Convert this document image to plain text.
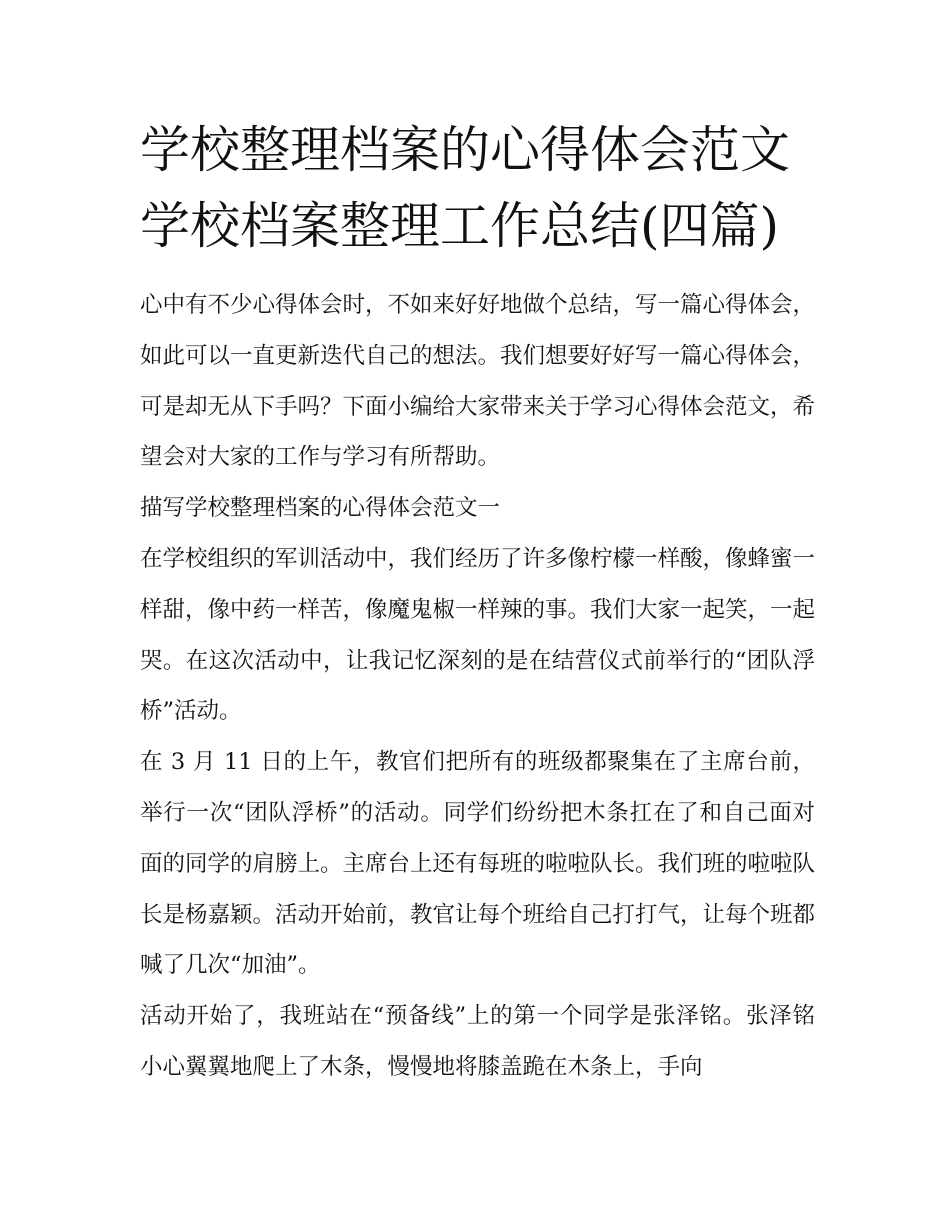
学校整理档案的心得体会范文
学校档案整理工作总结(四篇)

心中有不少心得体会时，不如来好好地做个总结，写一篇心得体会，如此可以一直更新迭代自己的想法。我们想要好好写一篇心得体会，可是却无从下手吗？下面小编给大家带来关于学习心得体会范文，希望会对大家的工作与学习有所帮助。

描写学校整理档案的心得体会范文一

在学校组织的军训活动中，我们经历了许多像柠檬一样酸，像蜂蜜一样甜，像中药一样苦，像魔鬼椒一样辣的事。我们大家一起笑，一起哭。在这次活动中，让我记忆深刻的是在结营仪式前举行的“团队浮桥”活动。

在 3 月 11 日的上午，教官们把所有的班级都聚集在了主席台前，举行一次“团队浮桥”的活动。同学们纷纷把木条扛在了和自己面对面的同学的肩膀上。主席台上还有每班的啦啦队长。我们班的啦啦队长是杨嘉颖。活动开始前，教官让每个班给自己打打气，让每个班都喊了几次“加油”。

活动开始了，我班站在“预备线”上的第一个同学是张泽铭。张泽铭小心翼翼地爬上了木条，慢慢地将膝盖跪在木条上，手向
